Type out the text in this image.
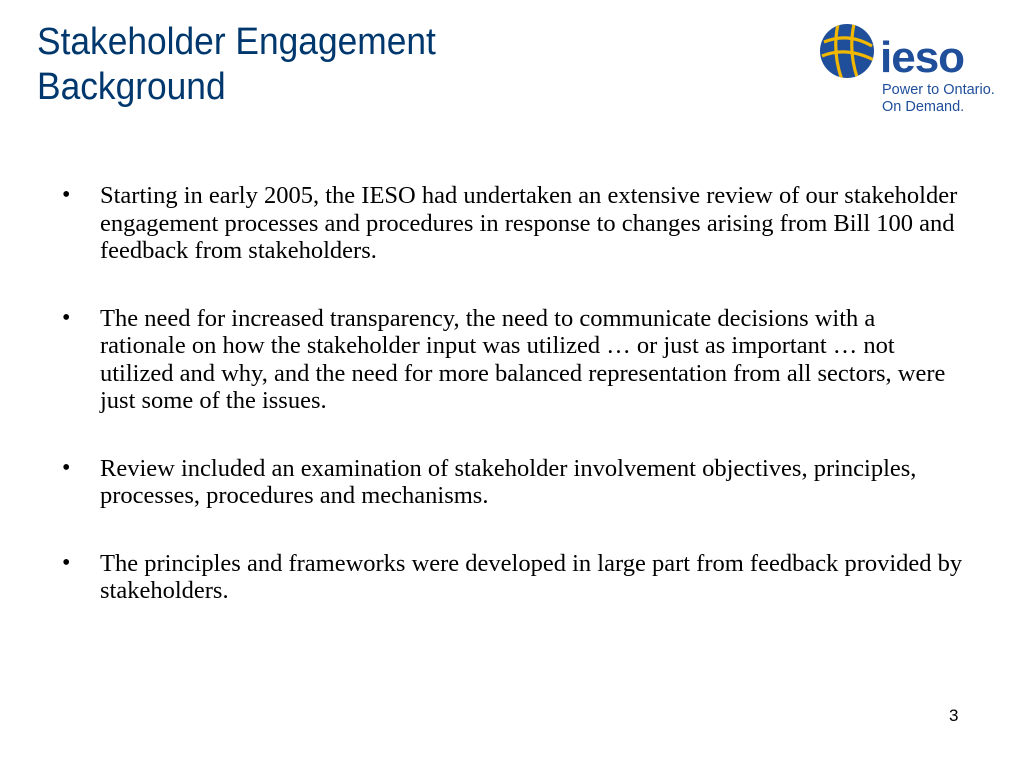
Stakeholder Engagement
Background
ieso
Power to Ontario.
On Demand.
• Starting in early 2005, the IESO had undertaken an extensive review of our stakeholder engagement processes and procedures in response to changes arising from Bill 100 and feedback from stakeholders.
• The need for increased transparency, the need to communicate decisions with a rationale on how the stakeholder input was utilized … or just as important … not utilized and why, and the need for more balanced representation from all sectors, were just some of the issues.
• Review included an examination of stakeholder involvement objectives, principles, processes, procedures and mechanisms.
• The principles and frameworks were developed in large part from feedback provided by stakeholders.
3
